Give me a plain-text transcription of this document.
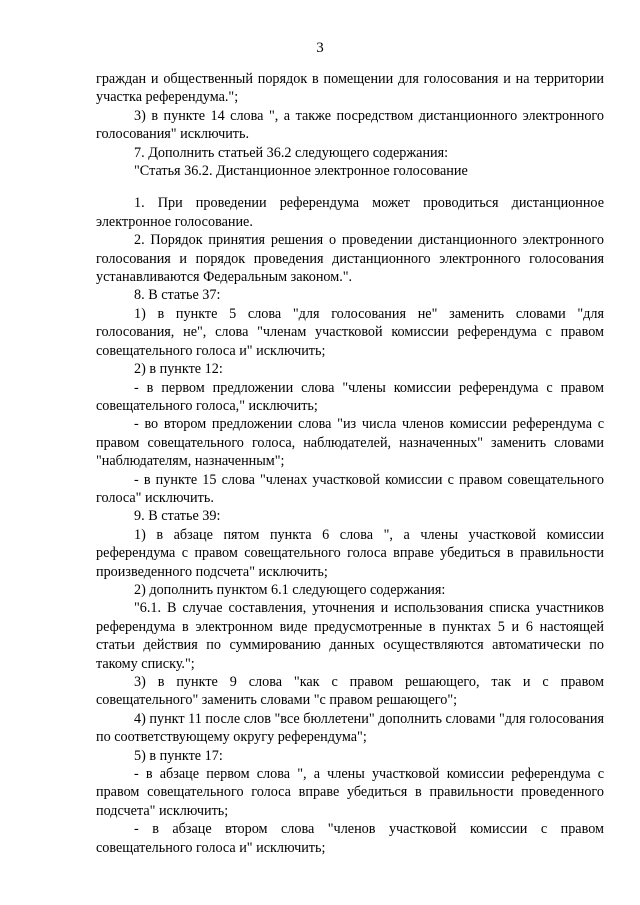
3

граждан и общественный порядок в помещении для голосования и на территории участка референдума.";

3) в пункте 14 слова ", а также посредством дистанционного электронного голосования" исключить.

7. Дополнить статьей 36.2 следующего содержания:

"Статья 36.2. Дистанционное электронное голосование

1. При проведении референдума может проводиться дистанционное электронное голосование.

2. Порядок принятия решения о проведении дистанционного электронного голосования и порядок проведения дистанционного электронного голосования устанавливаются Федеральным законом.".

8. В статье 37:

1) в пункте 5 слова "для голосования не" заменить словами "для голосования, не", слова "членам участковой комиссии референдума с правом совещательного голоса и" исключить;

2) в пункте 12:

- в первом предложении слова "члены комиссии референдума с правом совещательного голоса," исключить;

- во втором предложении слова "из числа членов комиссии референдума с правом совещательного голоса, наблюдателей, назначенных" заменить словами "наблюдателям, назначенным";

- в пункте 15 слова "членах участковой комиссии с правом совещательного голоса" исключить.

9. В статье 39:

1) в абзаце пятом пункта 6 слова ", а члены участковой комиссии референдума с правом совещательного голоса вправе убедиться в правильности произведенного подсчета" исключить;

2) дополнить пунктом 6.1 следующего содержания:

"6.1. В случае составления, уточнения и использования списка участников референдума в электронном виде предусмотренные в пунктах 5 и 6 настоящей статьи действия по суммированию данных осуществляются автоматически по такому списку.";

3) в пункте 9 слова "как с правом решающего, так и с правом совещательного" заменить словами "с правом решающего";

4) пункт 11 после слов "все бюллетени" дополнить словами "для голосования по соответствующему округу референдума";

5) в пункте 17:

- в абзаце первом слова ", а члены участковой комиссии референдума с правом совещательного голоса вправе убедиться в правильности проведенного подсчета" исключить;

- в абзаце втором слова "членов участковой комиссии с правом совещательного голоса и" исключить;
